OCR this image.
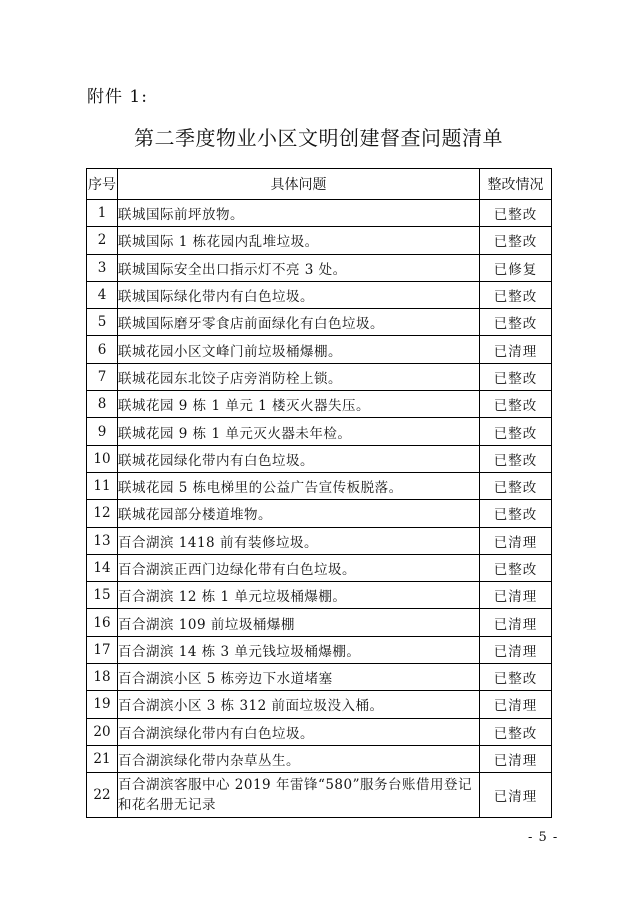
附件 1:
第二季度物业小区文明创建督查问题清单
序号	具体问题	整改情况
1	联城国际前坪放物。	已整改
2	联城国际 1 栋花园内乱堆垃圾。	已整改
3	联城国际安全出口指示灯不亮 3 处。	已修复
4	联城国际绿化带内有白色垃圾。	已整改
5	联城国际磨牙零食店前面绿化有白色垃圾。	已整改
6	联城花园小区文峰门前垃圾桶爆棚。	已清理
7	联城花园东北饺子店旁消防栓上锁。	已整改
8	联城花园 9 栋 1 单元 1 楼灭火器失压。	已整改
9	联城花园 9 栋 1 单元灭火器未年检。	已整改
10	联城花园绿化带内有白色垃圾。	已整改
11	联城花园 5 栋电梯里的公益广告宣传板脱落。	已整改
12	联城花园部分楼道堆物。	已整改
13	百合湖滨 1418 前有装修垃圾。	已清理
14	百合湖滨正西门边绿化带有白色垃圾。	已整改
15	百合湖滨 12 栋 1 单元垃圾桶爆棚。	已清理
16	百合湖滨 109 前垃圾桶爆棚	已清理
17	百合湖滨 14 栋 3 单元钱垃圾桶爆棚。	已清理
18	百合湖滨小区 5 栋旁边下水道堵塞	已整改
19	百合湖滨小区 3 栋 312 前面垃圾没入桶。	已清理
20	百合湖滨绿化带内有白色垃圾。	已整改
21	百合湖滨绿化带内杂草丛生。	已清理
22	百合湖滨客服中心 2019 年雷锋“580”服务台账借用登记和花名册无记录	已清理
- 5 -
